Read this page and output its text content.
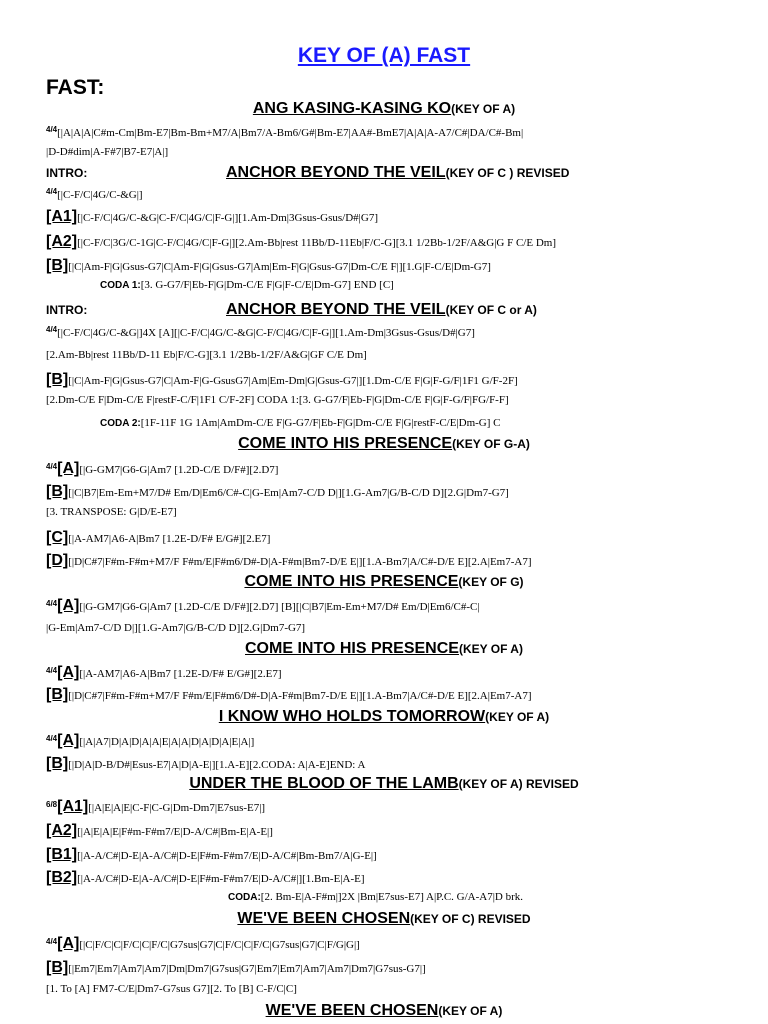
KEY OF (A) FAST
FAST:
ANG KASING-KASING KO(KEY OF A)
$^{4/4}$[|A|A|A|C#m-Cm|Bm-E7|Bm-Bm+M7/A|Bm7/A-Bm6/G#|Bm-E7|AA#-BmE7|A|A|A-A7/C#|DA/C#-Bm|
|D-D#dim|A-F#7|B7-E7|A|]
INTRO:	ANCHOR BEYOND THE VEIL(KEY OF C ) REVISED
$^{4/4}$[|C-F/C|4G/C-&G|]
[A1][|C-F/C|4G/C-&G|C-F/C|4G/C|F-G|][1.Am-Dm|3Gsus-Gsus/D#|G7]
[A2][|C-F/C|3G/C-1G|C-F/C|4G/C|F-G|][2.Am-Bb|rest 11Bb/D-11Eb|F/C-G][3.1 1/2Bb-1/2F/A&G|G F C/E Dm]
[B][|C|Am-F|G|Gsus-G7|C|Am-F|G|Gsus-G7|Am|Em-F|G|Gsus-G7|Dm-C/E F|][1.G|F-C/E|Dm-G7]
CODA 1:[3. G-G7/F|Eb-F|G|Dm-C/E F|G|F-C/E|Dm-G7] END [C]
INTRO:	ANCHOR BEYOND THE VEIL(KEY OF C or A)
$^{4/4}$[|C-F/C|4G/C-&G|]4X [A][|C-F/C|4G/C-&G|C-F/C|4G/C|F-G|][1.Am-Dm|3Gsus-Gsus/D#|G7]
[2.Am-Bb|rest 11Bb/D-11 Eb|F/C-G][3.1 1/2Bb-1/2F/A&G|GF C/E Dm]
[B][|C|Am-F|G|Gsus-G7|C|Am-F|G-GsusG7|Am|Em-Dm|G|Gsus-G7|][1.Dm-C/E F|G|F-G/F|1F1 G/F-2F]
[2.Dm-C/E F|Dm-C/E F|restF-C/F|1F1 C/F-2F] CODA 1:[3. G-G7/F|Eb-F|G|Dm-C/E F|G|F-G/F|FG/F-F]
CODA 2:[1F-11F 1G 1Am|AmDm-C/E F|G-G7/F|Eb-F|G|Dm-C/E F|G|restF-C/E|Dm-G] C
COME INTO HIS PRESENCE(KEY OF G-A)
$^{4/4}$[A][|G-GM7|G6-G|Am7 [1.2D-C/E D/F#][2.D7]
[B][|C|B7|Em-Em+M7/D# Em/D|Em6/C#-C|G-Em|Am7-C/D D|][1.G-Am7|G/B-C/D D][2.G|Dm7-G7]
[3. TRANSPOSE: G|D/E-E7]
[C][|A-AM7|A6-A|Bm7 [1.2E-D/F# E/G#][2.E7]
[D][|D|C#7|F#m-F#m+M7/F F#m/E|F#m6/D#-D|A-F#m|Bm7-D/E E|][1.A-Bm7|A/C#-D/E E][2.A|Em7-A7]
COME INTO HIS PRESENCE(KEY OF G)
$^{4/4}$[A][|G-GM7|G6-G|Am7 [1.2D-C/E D/F#][2.D7] [B][|C|B7|Em-Em+M7/D# Em/D|Em6/C#-C|
|G-Em|Am7-C/D D|][1.G-Am7|G/B-C/D D][2.G|Dm7-G7]
COME INTO HIS PRESENCE(KEY OF A)
$^{4/4}$[A][|A-AM7|A6-A|Bm7 [1.2E-D/F# E/G#][2.E7]
[B][|D|C#7|F#m-F#m+M7/F F#m/E|F#m6/D#-D|A-F#m|Bm7-D/E E|][1.A-Bm7|A/C#-D/E E][2.A|Em7-A7]
I KNOW WHO HOLDS TOMORROW(KEY OF A)
$^{4/4}$[A][|A|A7|D|A|D|A|A|E|A|A|D|A|D|A|E|A|]
[B][|D|A|D-B/D#|Esus-E7|A|D|A-E|][1.A-E][2.CODA: A|A-E]END: A
UNDER THE BLOOD OF THE LAMB(KEY OF A) REVISED
$^{6/8}$[A1][|A|E|A|E|C-F|C-G|Dm-Dm7|E7sus-E7|]
[A2][|A|E|A|E|F#m-F#m7/E|D-A/C#|Bm-E|A-E|]
[B1][|A-A/C#|D-E|A-A/C#|D-E|F#m-F#m7/E|D-A/C#|Bm-Bm7/A|G-E|]
[B2][|A-A/C#|D-E|A-A/C#|D-E|F#m-F#m7/E|D-A/C#|][1.Bm-E|A-E]
CODA:[2. Bm-E|A-F#m|]2X |Bm|E7sus-E7] A|P.C. G/A-A7|D brk.
WE'VE BEEN CHOSEN(KEY OF C) REVISED
$^{4/4}$[A][|C|F/C|C|F/C|C|F/C|G7sus|G7|C|F/C|C|F/C|G7sus|G7|C|F/G|G|]
[B][|Em7|Em7|Am7|Am7|Dm|Dm7|G7sus|G7|Em7|Em7|Am7|Am7|Dm7|G7sus-G7|]
[1. To [A] FM7-C/E|Dm7-G7sus G7][2. To [B] C-F/C|C]
WE'VE BEEN CHOSEN(KEY OF A)
